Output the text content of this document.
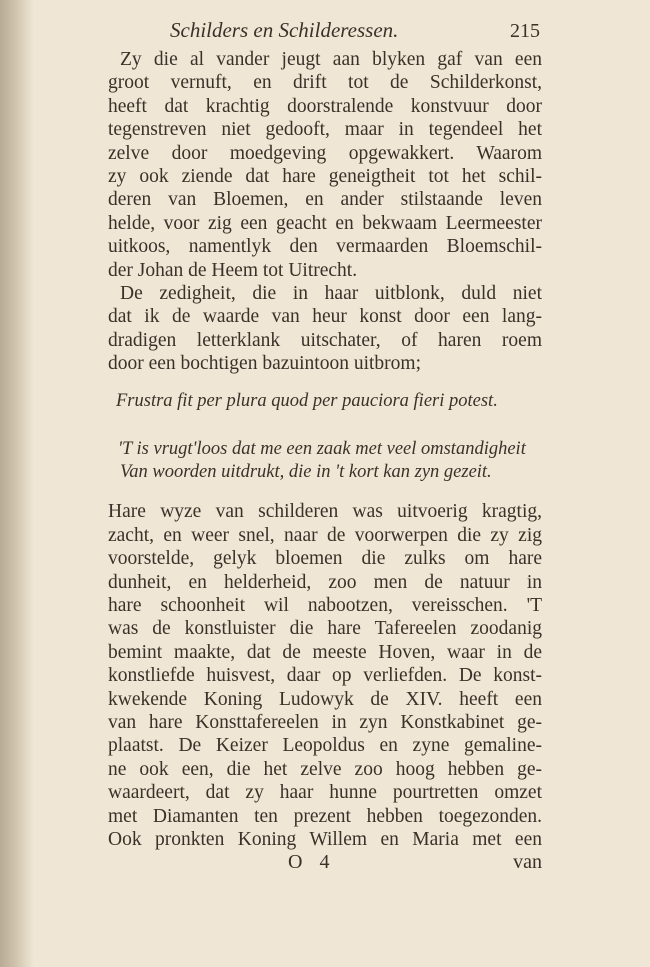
Schilders en Schilderessen.	215
Zy die al vander jeugt aan blyken gaf van een
groot vernuft, en drift tot de Schilderkonst,
heeft dat krachtig doorstralende konstvuur door
tegenstreven niet gedooft, maar in tegendeel het
zelve door moedgeving opgewakkert. Waarom
zy ook ziende dat hare geneigtheit tot het schil-
deren van Bloemen, en ander stilstaande leven
helde, voor zig een geacht en bekwaam Leermeester
uitkoos, namentlyk den vermaarden Bloemschil-
der Johan de Heem tot Uitrecht.
De zedigheit, die in haar uitblonk, duld niet
dat ik de waarde van heur konst door een lang-
dradigen letterklank uitschater, of haren roem
door een bochtigen bazuintoon uitbrom;
Frustra fit per plura quod per pauciora fieri potest.
'T is vrugt'loos dat me een zaak met veel omstandigheit
Van woorden uitdrukt, die in 't kort kan zyn gezeit.
Hare wyze van schilderen was uitvoerig kragtig,
zacht, en weer snel, naar de voorwerpen die zy zig
voorstelde, gelyk bloemen die zulks om hare
dunheit, en helderheid, zoo men de natuur in
hare schoonheit wil nabootzen, vereisschen. 'T
was de konstluister die hare Tafereelen zoodanig
bemint maakte, dat de meeste Hoven, waar in de
konstliefde huisvest, daar op verliefden. De konst-
kwekende Koning Ludowyk de XIV. heeft een
van hare Konsttafereelen in zyn Konstkabinet ge-
plaatst. De Keizer Leopoldus en zyne gemaline-
ne ook een, die het zelve zoo hoog hebben ge-
waardeert, dat zy haar hunne pourtretten omzet
met Diamanten ten prezent hebben toegezonden.
Ook pronkten Koning Willem en Maria met een
O 4	van
